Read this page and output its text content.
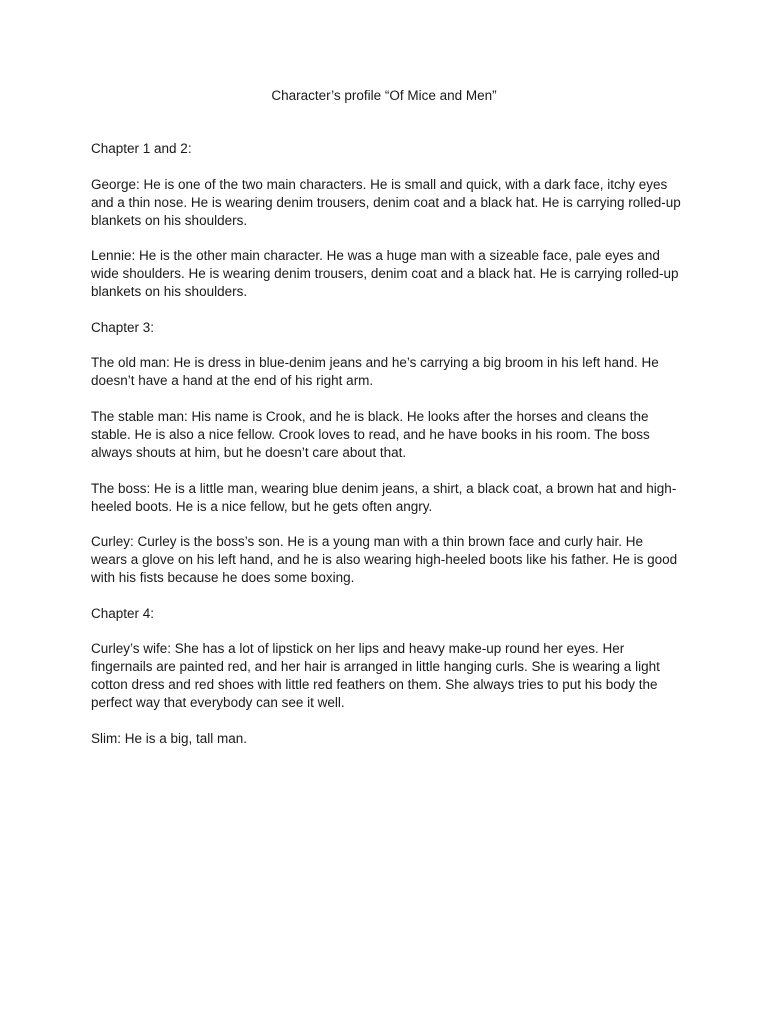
Character’s profile “Of Mice and Men”

Chapter 1 and 2:

George: He is one of the two main characters. He is small and quick, with a dark face, itchy eyes and a thin nose. He is wearing denim trousers, denim coat and a black hat. He is carrying rolled-up blankets on his shoulders.

Lennie: He is the other main character. He was a huge man with a sizeable face, pale eyes and wide shoulders. He is wearing denim trousers, denim coat and a black hat. He is carrying rolled-up blankets on his shoulders.

Chapter 3:

The old man: He is dress in blue-denim jeans and he’s carrying a big broom in his left hand. He doesn’t have a hand at the end of his right arm.

The stable man: His name is Crook, and he is black. He looks after the horses and cleans the stable. He is also a nice fellow. Crook loves to read, and he have books in his room. The boss always shouts at him, but he doesn’t care about that.

The boss: He is a little man, wearing blue denim jeans, a shirt, a black coat, a brown hat and high-heeled boots. He is a nice fellow, but he gets often angry.

Curley: Curley is the boss’s son. He is a young man with a thin brown face and curly hair. He wears a glove on his left hand, and he is also wearing high-heeled boots like his father. He is good with his fists because he does some boxing.

Chapter 4:

Curley’s wife: She has a lot of lipstick on her lips and heavy make-up round her eyes. Her fingernails are painted red, and her hair is arranged in little hanging curls. She is wearing a light cotton dress and red shoes with little red feathers on them. She always tries to put his body the perfect way that everybody can see it well.

Slim: He is a big, tall man.
